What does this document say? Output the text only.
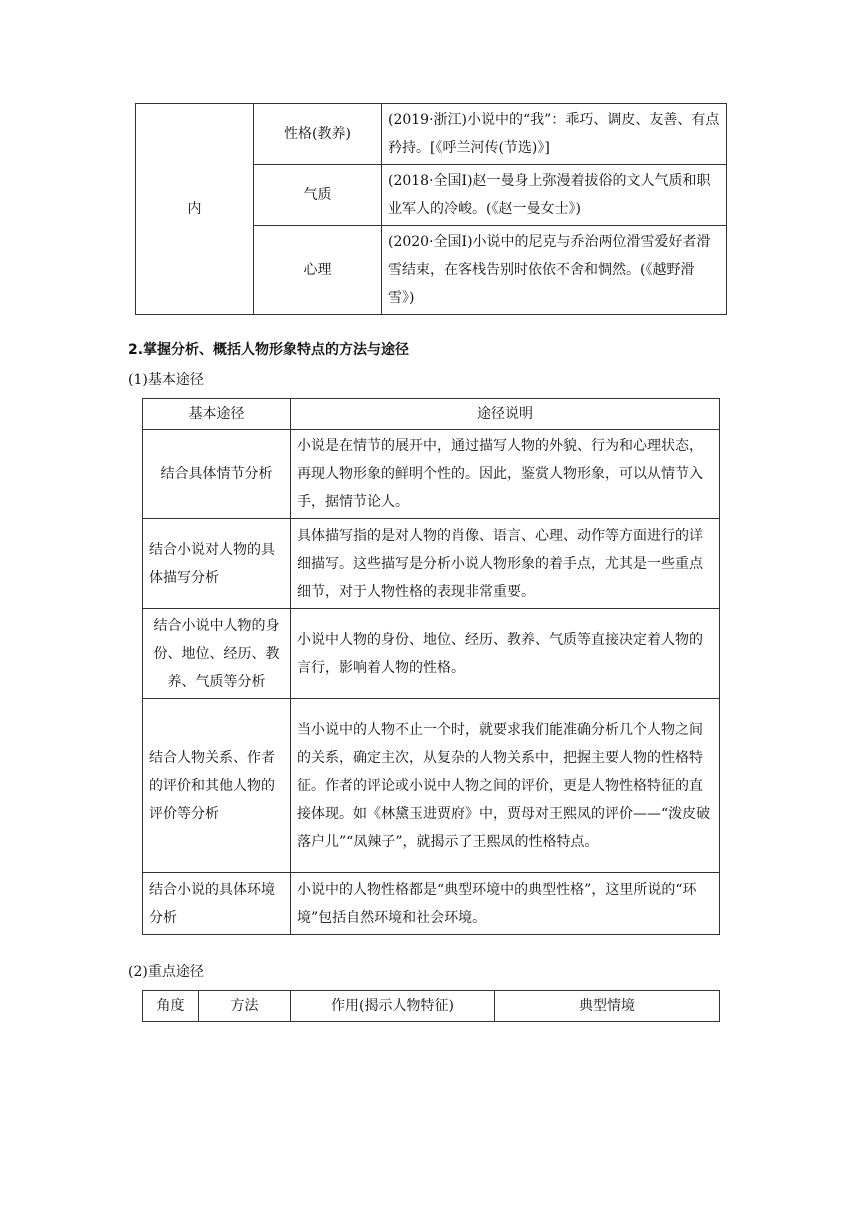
内	性格(教养)	(2019·浙江)小说中的“我”：乖巧、调皮、友善、有点矜持。[《呼兰河传(节选)》]
	气质	(2018·全国Ⅰ)赵一曼身上弥漫着拔俗的文人气质和职业军人的冷峻。(《赵一曼女士》)
	心理	(2020·全国Ⅰ)小说中的尼克与乔治两位滑雪爱好者滑雪结束，在客栈告别时依依不舍和惆然。(《越野滑雪》)
2.掌握分析、概括人物形象特点的方法与途径
(1)基本途径
基本途径	途径说明
结合具体情节分析	小说是在情节的展开中，通过描写人物的外貌、行为和心理状态，再现人物形象的鲜明个性的。因此，鉴赏人物形象，可以从情节入手，据情节论人。
结合小说对人物的具体描写分析	具体描写指的是对人物的肖像、语言、心理、动作等方面进行的详细描写。这些描写是分析小说人物形象的着手点，尤其是一些重点细节，对于人物性格的表现非常重要。
结合小说中人物的身份、地位、经历、教养、气质等分析	小说中人物的身份、地位、经历、教养、气质等直接决定着人物的言行，影响着人物的性格。
结合人物关系、作者的评价和其他人物的评价等分析	当小说中的人物不止一个时，就要求我们能准确分析几个人物之间的关系，确定主次，从复杂的人物关系中，把握主要人物的性格特征。作者的评论或小说中人物之间的评价，更是人物性格特征的直接体现。如《林黛玉进贾府》中，贾母对王熙凤的评价——“泼皮破落户儿”“凤辣子”，就揭示了王熙凤的性格特点。
结合小说的具体环境分析	小说中的人物性格都是“典型环境中的典型性格”，这里所说的“环境”包括自然环境和社会环境。
(2)重点途径
角度	方法	作用(揭示人物特征)	典型情境
